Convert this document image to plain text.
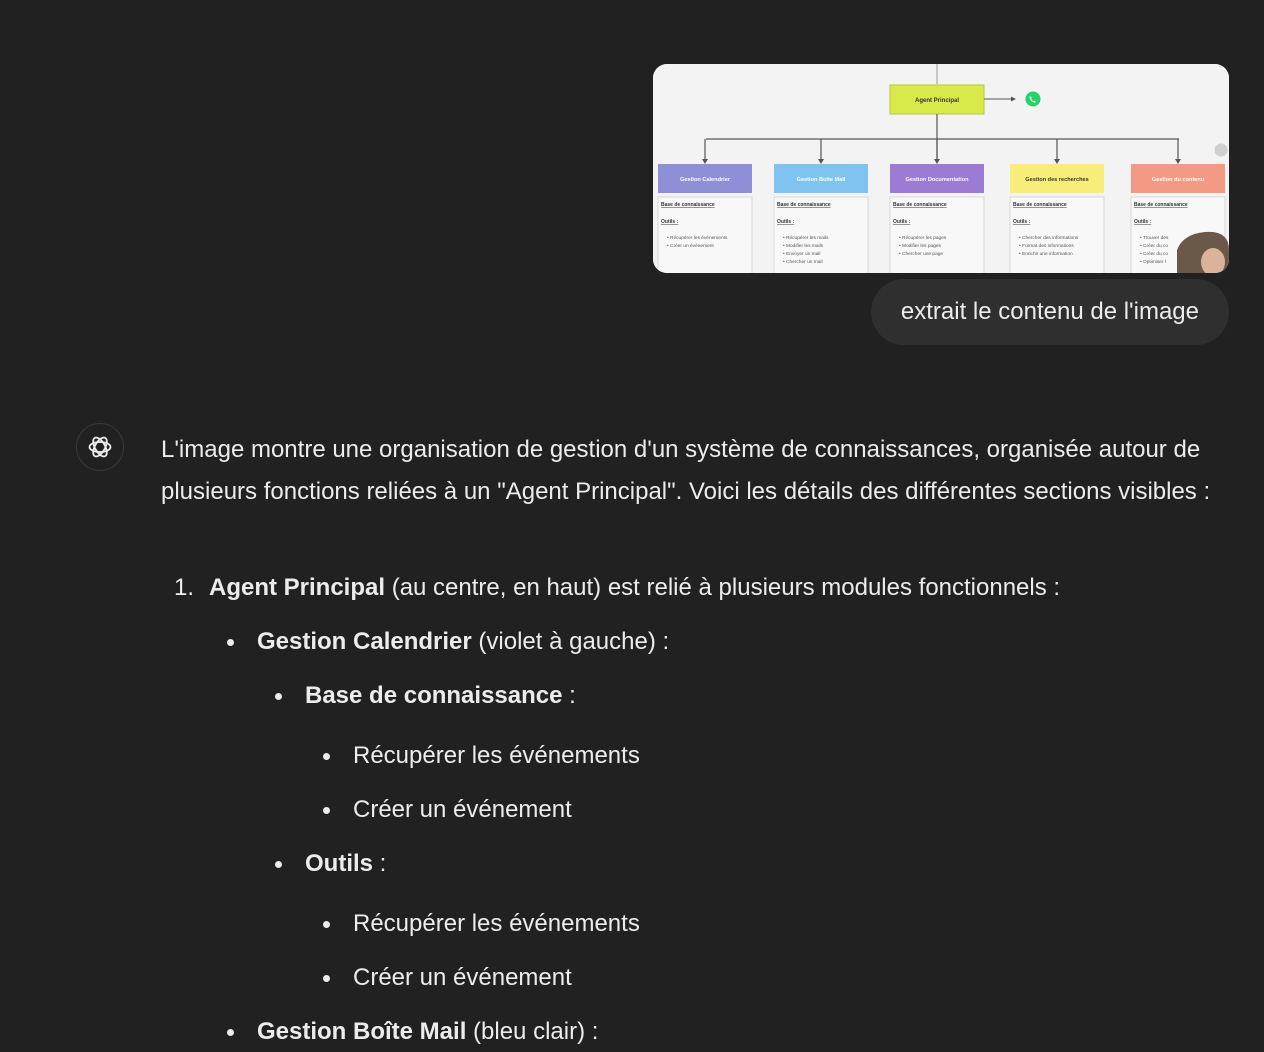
Agent Principal
Gestion Calendrier
Base de connaissance
Outils :
• Récupérer les événements
• Créer un événement
Gestion Boite Mail
Base de connaissance
Outils :
• Récupérer les mails
• Modifier les mails
• Envoyer un mail
• Chercher un mail
Gestion Documentation
Base de connaissance
Outils :
• Récupérer les pages
• Modifier les pages
• Chercher une page
Gestion des recherches
Base de connaissance
Outils :
• Chercher des informations
• Format des informations
• Enrichir une information
Gestion du contenu
Base de connaissance
Outils :
• Trouver des
• Créer du co
• Créer du co
• Optimiser l
extrait le contenu de l'image

L'image montre une organisation de gestion d'un système de connaissances, organisée autour de plusieurs fonctions reliées à un "Agent Principal". Voici les détails des différentes sections visibles :

1. Agent Principal (au centre, en haut) est relié à plusieurs modules fonctionnels :
Gestion Calendrier (violet à gauche) :
Base de connaissance :
Récupérer les événements
Créer un événement
Outils :
Récupérer les événements
Créer un événement
Gestion Boîte Mail (bleu clair) :
